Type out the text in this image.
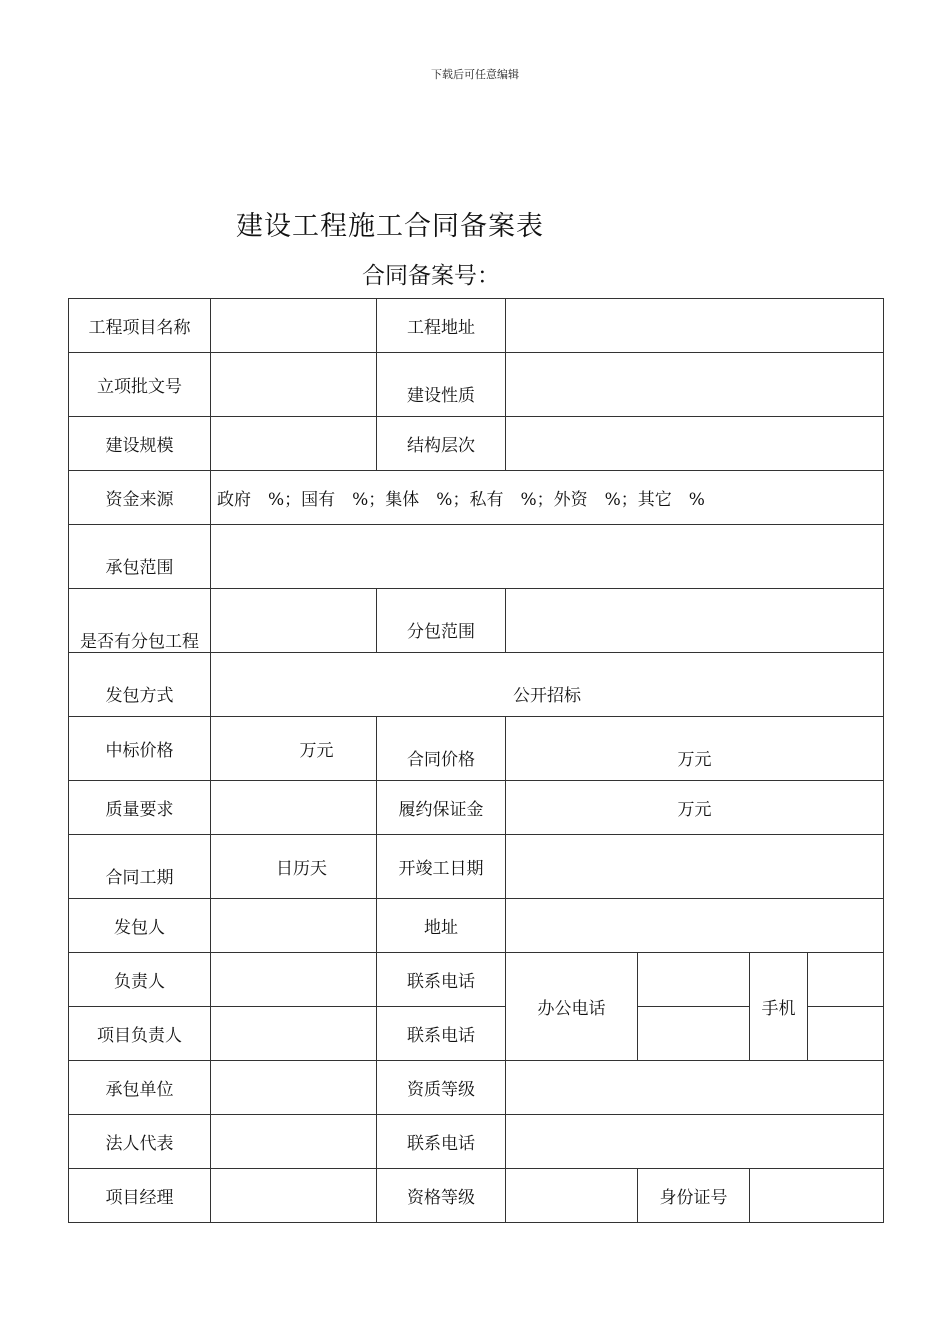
下载后可任意编辑
建设工程施工合同备案表
合同备案号：
工程项目名称		工程地址				
立项批文号		建设性质				
建设规模		结构层次				
资金来源	政府　%；国有　%；集体　%；私有　%；外资　%；其它　%					
承包范围						
是否有分包工程		分包范围				
发包方式	公开招标					
中标价格	万元	合同价格	万元			
质量要求		履约保证金	万元			
合同工期	日历天	开竣工日期				
发包人		地址				
负责人		联系电话	办公电话		手机	
项目负责人		联系电话				
承包单位		资质等级				
法人代表		联系电话				
项目经理		资格等级		身份证号		
